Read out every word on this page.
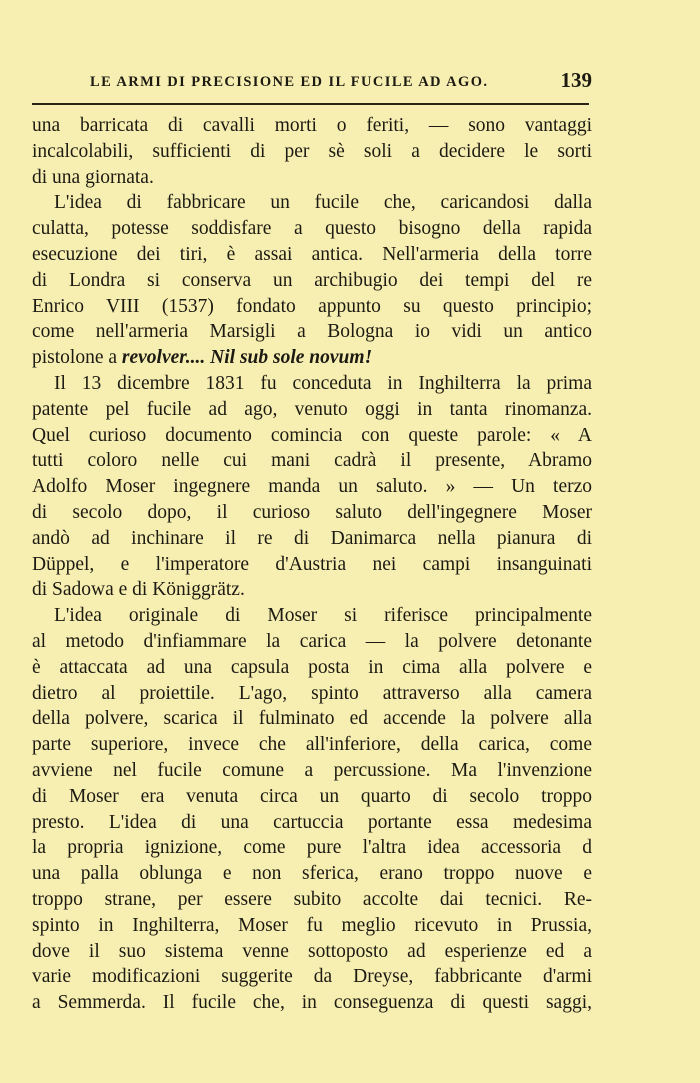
LE ARMI DI PRECISIONE ED IL FUCILE AD AGO.	139
una barricata di cavalli morti o feriti, — sono vantaggi
incalcolabili, sufficienti di per sè soli a decidere le sorti
di una giornata.
L'idea di fabbricare un fucile che, caricandosi dalla
culatta, potesse soddisfare a questo bisogno della rapida
esecuzione dei tiri, è assai antica. Nell'armeria della torre
di Londra si conserva un archibugio dei tempi del re
Enrico VIII (1537) fondato appunto su questo principio;
come nell'armeria Marsigli a Bologna io vidi un antico
pistolone a revolver.... Nil sub sole novum!
Il 13 dicembre 1831 fu conceduta in Inghilterra la prima
patente pel fucile ad ago, venuto oggi in tanta rinomanza.
Quel curioso documento comincia con queste parole: « A
tutti coloro nelle cui mani cadrà il presente, Abramo
Adolfo Moser ingegnere manda un saluto. » — Un terzo
di secolo dopo, il curioso saluto dell'ingegnere Moser
andò ad inchinare il re di Danimarca nella pianura di
Düppel, e l'imperatore d'Austria nei campi insanguinati
di Sadowa e di Königgrätz.
L'idea originale di Moser si riferisce principalmente
al metodo d'infiammare la carica — la polvere detonante
è attaccata ad una capsula posta in cima alla polvere e
dietro al proiettile. L'ago, spinto attraverso alla camera
della polvere, scarica il fulminato ed accende la polvere alla
parte superiore, invece che all'inferiore, della carica, come
avviene nel fucile comune a percussione. Ma l'invenzione
di Moser era venuta circa un quarto di secolo troppo
presto. L'idea di una cartuccia portante essa medesima
la propria ignizione, come pure l'altra idea accessoria d
una palla oblunga e non sferica, erano troppo nuove e
troppo strane, per essere subito accolte dai tecnici. Re-
spinto in Inghilterra, Moser fu meglio ricevuto in Prussia,
dove il suo sistema venne sottoposto ad esperienze ed a
varie modificazioni suggerite da Dreyse, fabbricante d'armi
a Semmerda. Il fucile che, in conseguenza di questi saggi,
